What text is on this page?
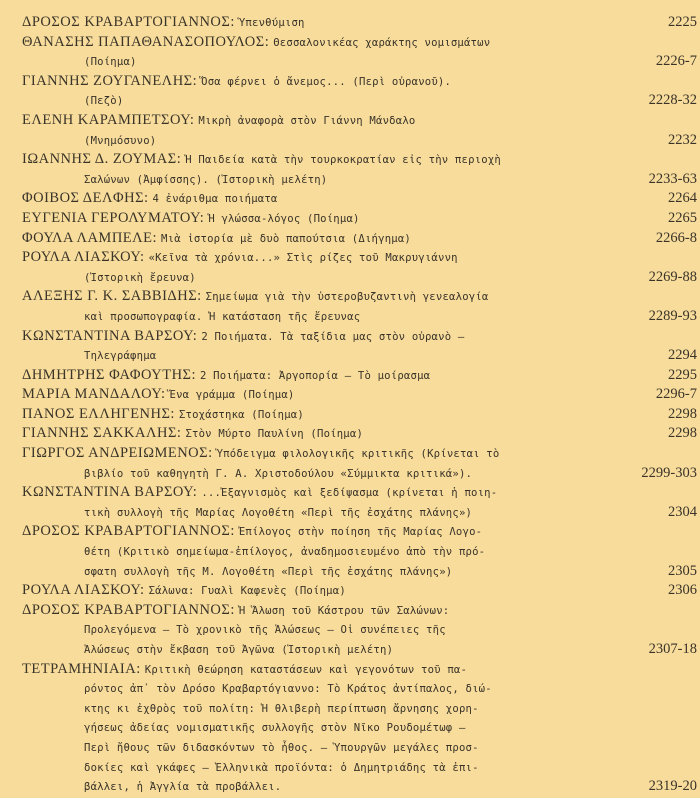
ΔΡΟΣΟΣ ΚΡΑΒΑΡΤΟΓΙΑΝΝΟΣ: Ὑπενθύμιση	2225
ΘΑΝΑΣΗΣ ΠΑΠΑΘΑΝΑΣΟΠΟΥΛΟΣ: Θεσσαλονικέας χαράκτης νομισμάτων
(Ποίημα)	2226-7
ΓΙΑΝΝΗΣ ΖΟΥΓΑΝΕΛΗΣ: Ὅσα φέρνει ὁ ἄνεμος... (Περὶ οὐρανοῦ).
(Πεζὸ)	2228-32
ΕΛΕΝΗ ΚΑΡΑΜΠΕΤΣΟΥ: Μικρὴ ἀναφορὰ στὸν Γιάννη Μάνδαλο
(Μνημόσυνο)	2232
ΙΩΑΝΝΗΣ Δ. ΖΟΥΜΑΣ: Ἡ Παιδεία κατὰ τὴν τουρκοκρατίαν εἰς τὴν περιοχὴ
Σαλώνων (Ἀμφίσσης). (Ἱστορικὴ μελέτη)	2233-63
ΦΟΙΒΟΣ ΔΕΛΦΗΣ: 4 ἐνάριθμα ποιήματα	2264
ΕΥΓΕΝΙΑ ΓΕΡΟΛΥΜΑΤΟΥ: Ἡ γλώσσα-λόγος (Ποίημα)	2265
ΦΟΥΛΑ ΛΑΜΠΕΛΕ: Μιὰ ἱστορία μὲ δυὸ παπούτσια (Διήγημα)	2266-8
ΡΟΥΛΑ ΛΙΑΣΚΟΥ: «Κεῖνα τὰ χρόνια...» Στὶς ρίζες τοῦ Μακρυγιάννη
(Ἱστορικὴ ἔρευνα)	2269-88
ΑΛΕΞΗΣ Γ. Κ. ΣΑΒΒΙΔΗΣ: Σημείωμα γιὰ τὴν ὑστεροβυζαντινὴ γενεαλογία
καὶ προσωπογραφία. Ἡ κατάσταση τῆς ἔρευνας	2289-93
ΚΩΝΣΤΑΝΤΙΝΑ ΒΑΡΣΟΥ: 2 Ποιήματα. Τὰ ταξίδια μας στὸν οὐρανὸ —
Τηλεγράφημα	2294
ΔΗΜΗΤΡΗΣ ΦΑΦΟΥΤΗΣ: 2 Ποιήματα: Ἀργοπορία — Τὸ μοίρασμα	2295
ΜΑΡΙΑ ΜΑΝΔΑΛΟΥ: Ἕνα γράμμα (Ποίημα)	2296-7
ΠΑΝΟΣ ΕΛΛΗΓΕΝΗΣ: Στοχάστηκα (Ποίημα)	2298
ΓΙΑΝΝΗΣ ΣΑΚΚΑΛΗΣ: Στὸν Μύρτο Παυλίνη (Ποίημα)	2298
ΓΙΩΡΓΟΣ ΑΝΔΡΕΙΩΜΕΝΟΣ: Ὑπόδειγμα φιλολογικῆς κριτικῆς (Κρίνεται τὸ
βιβλίο τοῦ καθηγητὴ Γ. Α. Χριστοδούλου «Σύμμικτα κριτικά»).	2299-303
ΚΩΝΣΤΑΝΤΙΝΑ ΒΑΡΣΟΥ: ...Ἐξαγνισμὸς καὶ ξεδίψασμα (κρίνεται ἡ ποιη-
τικὴ συλλογὴ τῆς Μαρίας Λογοθέτη «Περὶ τῆς ἐσχάτης πλάνης»)	2304
ΔΡΟΣΟΣ ΚΡΑΒΑΡΤΟΓΙΑΝΝΟΣ: Ἐπίλογος στὴν ποίηση τῆς Μαρίας Λογο-
θέτη (Κριτικὸ σημείωμα-ἐπίλογος, ἀναδημοσιευμένο ἀπὸ τὴν πρό-
σφατη συλλογὴ τῆς Μ. Λογοθέτη «Περὶ τῆς ἐσχάτης πλάνης»)	2305
ΡΟΥΛΑ ΛΙΑΣΚΟΥ: Σάλωνα: Γυαλὶ Καφενὲς (Ποίημα)	2306
ΔΡΟΣΟΣ ΚΡΑΒΑΡΤΟΓΙΑΝΝΟΣ: Ἡ Ἅλωση τοῦ Κάστρου τῶν Σαλώνων:
Προλεγόμενα — Τὸ χρονικὸ τῆς Ἁλώσεως — Οἱ συνέπειες τῆς
Ἁλώσεως στὴν ἔκβαση τοῦ Ἀγῶνα (Ἱστορικὴ μελέτη)	2307-18
ΤΕΤΡΑΜΗΝΙΑΙΑ: Κριτικὴ θεώρηση καταστάσεων καὶ γεγονότων τοῦ πα-
ρόντος ἀπ᾿ τὸν Δρόσο Κραβαρτόγιαννο: Τὸ Κράτος ἀντίπαλος, διώ-
κτης κι ἐχθρὸς τοῦ πολίτη: Ἡ θλιβερὴ περίπτωση ἄρνησης χορη-
γήσεως ἀδείας νομισματικῆς συλλογῆς στὸν Νῖκο Ρουδομέτωφ —
Περὶ ἤθους τῶν διδασκόντων τὸ ἦθος. — Ὑπουργῶν μεγάλες προσ-
δοκίες καὶ γκάφες — Ἑλληνικὰ προϊόντα: ὁ Δημητριάδης τὰ ἐπι-
βάλλει, ἡ Ἀγγλία τὰ προβάλλει.	2319-20
